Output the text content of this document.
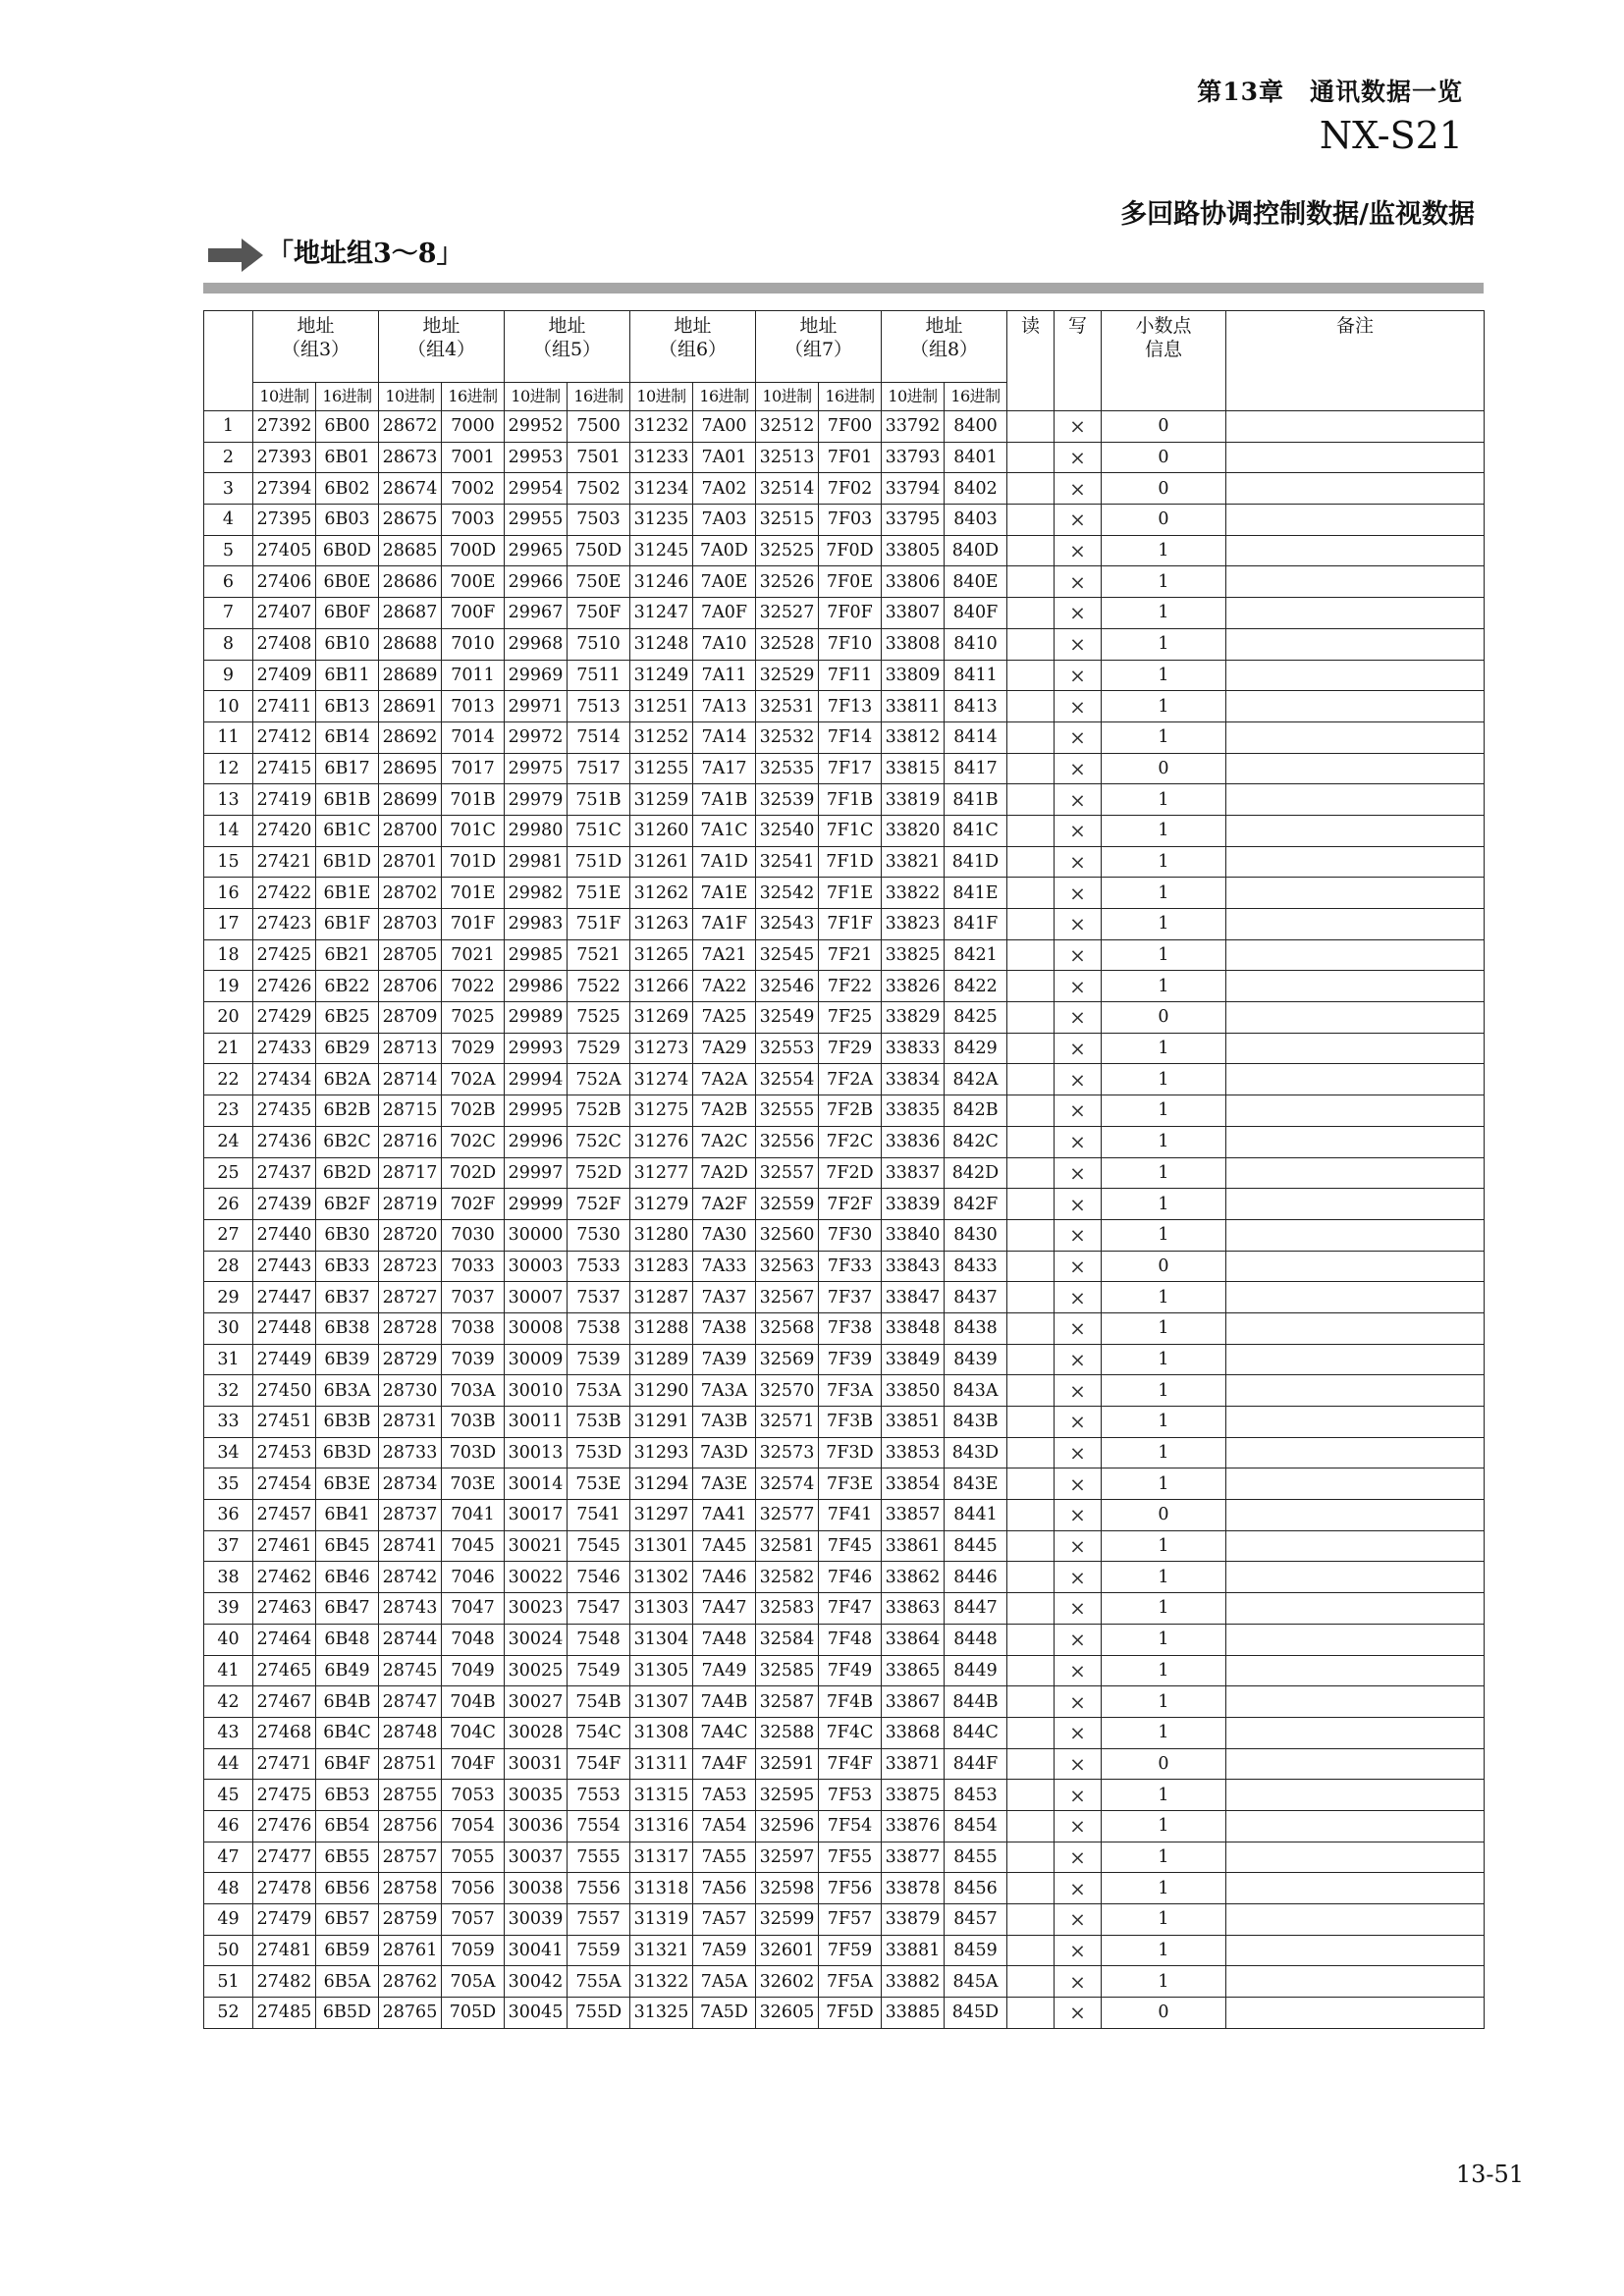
第13章　通讯数据一览
NX-S21
多回路协调控制数据/监视数据
「地址组3～8」
	地址
（组3）		地址
（组4）		地址
（组5）		地址
（组6）		地址
（组7）		地址
（组8）		读	写	小数点
信息	备注
	10进制	16进制	10进制	16进制	10进制	16进制	10进制	16进制	10进制	16进制	10进制	16进制				
1	27392	6B00	28672	7000	29952	7500	31232	7A00	32512	7F00	33792	8400		×	0	
2	27393	6B01	28673	7001	29953	7501	31233	7A01	32513	7F01	33793	8401		×	0	
3	27394	6B02	28674	7002	29954	7502	31234	7A02	32514	7F02	33794	8402		×	0	
4	27395	6B03	28675	7003	29955	7503	31235	7A03	32515	7F03	33795	8403		×	0	
5	27405	6B0D	28685	700D	29965	750D	31245	7A0D	32525	7F0D	33805	840D		×	1	
6	27406	6B0E	28686	700E	29966	750E	31246	7A0E	32526	7F0E	33806	840E		×	1	
7	27407	6B0F	28687	700F	29967	750F	31247	7A0F	32527	7F0F	33807	840F		×	1	
8	27408	6B10	28688	7010	29968	7510	31248	7A10	32528	7F10	33808	8410		×	1	
9	27409	6B11	28689	7011	29969	7511	31249	7A11	32529	7F11	33809	8411		×	1	
10	27411	6B13	28691	7013	29971	7513	31251	7A13	32531	7F13	33811	8413		×	1	
11	27412	6B14	28692	7014	29972	7514	31252	7A14	32532	7F14	33812	8414		×	1	
12	27415	6B17	28695	7017	29975	7517	31255	7A17	32535	7F17	33815	8417		×	0	
13	27419	6B1B	28699	701B	29979	751B	31259	7A1B	32539	7F1B	33819	841B		×	1	
14	27420	6B1C	28700	701C	29980	751C	31260	7A1C	32540	7F1C	33820	841C		×	1	
15	27421	6B1D	28701	701D	29981	751D	31261	7A1D	32541	7F1D	33821	841D		×	1	
16	27422	6B1E	28702	701E	29982	751E	31262	7A1E	32542	7F1E	33822	841E		×	1	
17	27423	6B1F	28703	701F	29983	751F	31263	7A1F	32543	7F1F	33823	841F		×	1	
18	27425	6B21	28705	7021	29985	7521	31265	7A21	32545	7F21	33825	8421		×	1	
19	27426	6B22	28706	7022	29986	7522	31266	7A22	32546	7F22	33826	8422		×	1	
20	27429	6B25	28709	7025	29989	7525	31269	7A25	32549	7F25	33829	8425		×	0	
21	27433	6B29	28713	7029	29993	7529	31273	7A29	32553	7F29	33833	8429		×	1	
22	27434	6B2A	28714	702A	29994	752A	31274	7A2A	32554	7F2A	33834	842A		×	1	
23	27435	6B2B	28715	702B	29995	752B	31275	7A2B	32555	7F2B	33835	842B		×	1	
24	27436	6B2C	28716	702C	29996	752C	31276	7A2C	32556	7F2C	33836	842C		×	1	
25	27437	6B2D	28717	702D	29997	752D	31277	7A2D	32557	7F2D	33837	842D		×	1	
26	27439	6B2F	28719	702F	29999	752F	31279	7A2F	32559	7F2F	33839	842F		×	1	
27	27440	6B30	28720	7030	30000	7530	31280	7A30	32560	7F30	33840	8430		×	1	
28	27443	6B33	28723	7033	30003	7533	31283	7A33	32563	7F33	33843	8433		×	0	
29	27447	6B37	28727	7037	30007	7537	31287	7A37	32567	7F37	33847	8437		×	1	
30	27448	6B38	28728	7038	30008	7538	31288	7A38	32568	7F38	33848	8438		×	1	
31	27449	6B39	28729	7039	30009	7539	31289	7A39	32569	7F39	33849	8439		×	1	
32	27450	6B3A	28730	703A	30010	753A	31290	7A3A	32570	7F3A	33850	843A		×	1	
33	27451	6B3B	28731	703B	30011	753B	31291	7A3B	32571	7F3B	33851	843B		×	1	
34	27453	6B3D	28733	703D	30013	753D	31293	7A3D	32573	7F3D	33853	843D		×	1	
35	27454	6B3E	28734	703E	30014	753E	31294	7A3E	32574	7F3E	33854	843E		×	1	
36	27457	6B41	28737	7041	30017	7541	31297	7A41	32577	7F41	33857	8441		×	0	
37	27461	6B45	28741	7045	30021	7545	31301	7A45	32581	7F45	33861	8445		×	1	
38	27462	6B46	28742	7046	30022	7546	31302	7A46	32582	7F46	33862	8446		×	1	
39	27463	6B47	28743	7047	30023	7547	31303	7A47	32583	7F47	33863	8447		×	1	
40	27464	6B48	28744	7048	30024	7548	31304	7A48	32584	7F48	33864	8448		×	1	
41	27465	6B49	28745	7049	30025	7549	31305	7A49	32585	7F49	33865	8449		×	1	
42	27467	6B4B	28747	704B	30027	754B	31307	7A4B	32587	7F4B	33867	844B		×	1	
43	27468	6B4C	28748	704C	30028	754C	31308	7A4C	32588	7F4C	33868	844C		×	1	
44	27471	6B4F	28751	704F	30031	754F	31311	7A4F	32591	7F4F	33871	844F		×	0	
45	27475	6B53	28755	7053	30035	7553	31315	7A53	32595	7F53	33875	8453		×	1	
46	27476	6B54	28756	7054	30036	7554	31316	7A54	32596	7F54	33876	8454		×	1	
47	27477	6B55	28757	7055	30037	7555	31317	7A55	32597	7F55	33877	8455		×	1	
48	27478	6B56	28758	7056	30038	7556	31318	7A56	32598	7F56	33878	8456		×	1	
49	27479	6B57	28759	7057	30039	7557	31319	7A57	32599	7F57	33879	8457		×	1	
50	27481	6B59	28761	7059	30041	7559	31321	7A59	32601	7F59	33881	8459		×	1	
51	27482	6B5A	28762	705A	30042	755A	31322	7A5A	32602	7F5A	33882	845A		×	1	
52	27485	6B5D	28765	705D	30045	755D	31325	7A5D	32605	7F5D	33885	845D		×	0	
13-51
